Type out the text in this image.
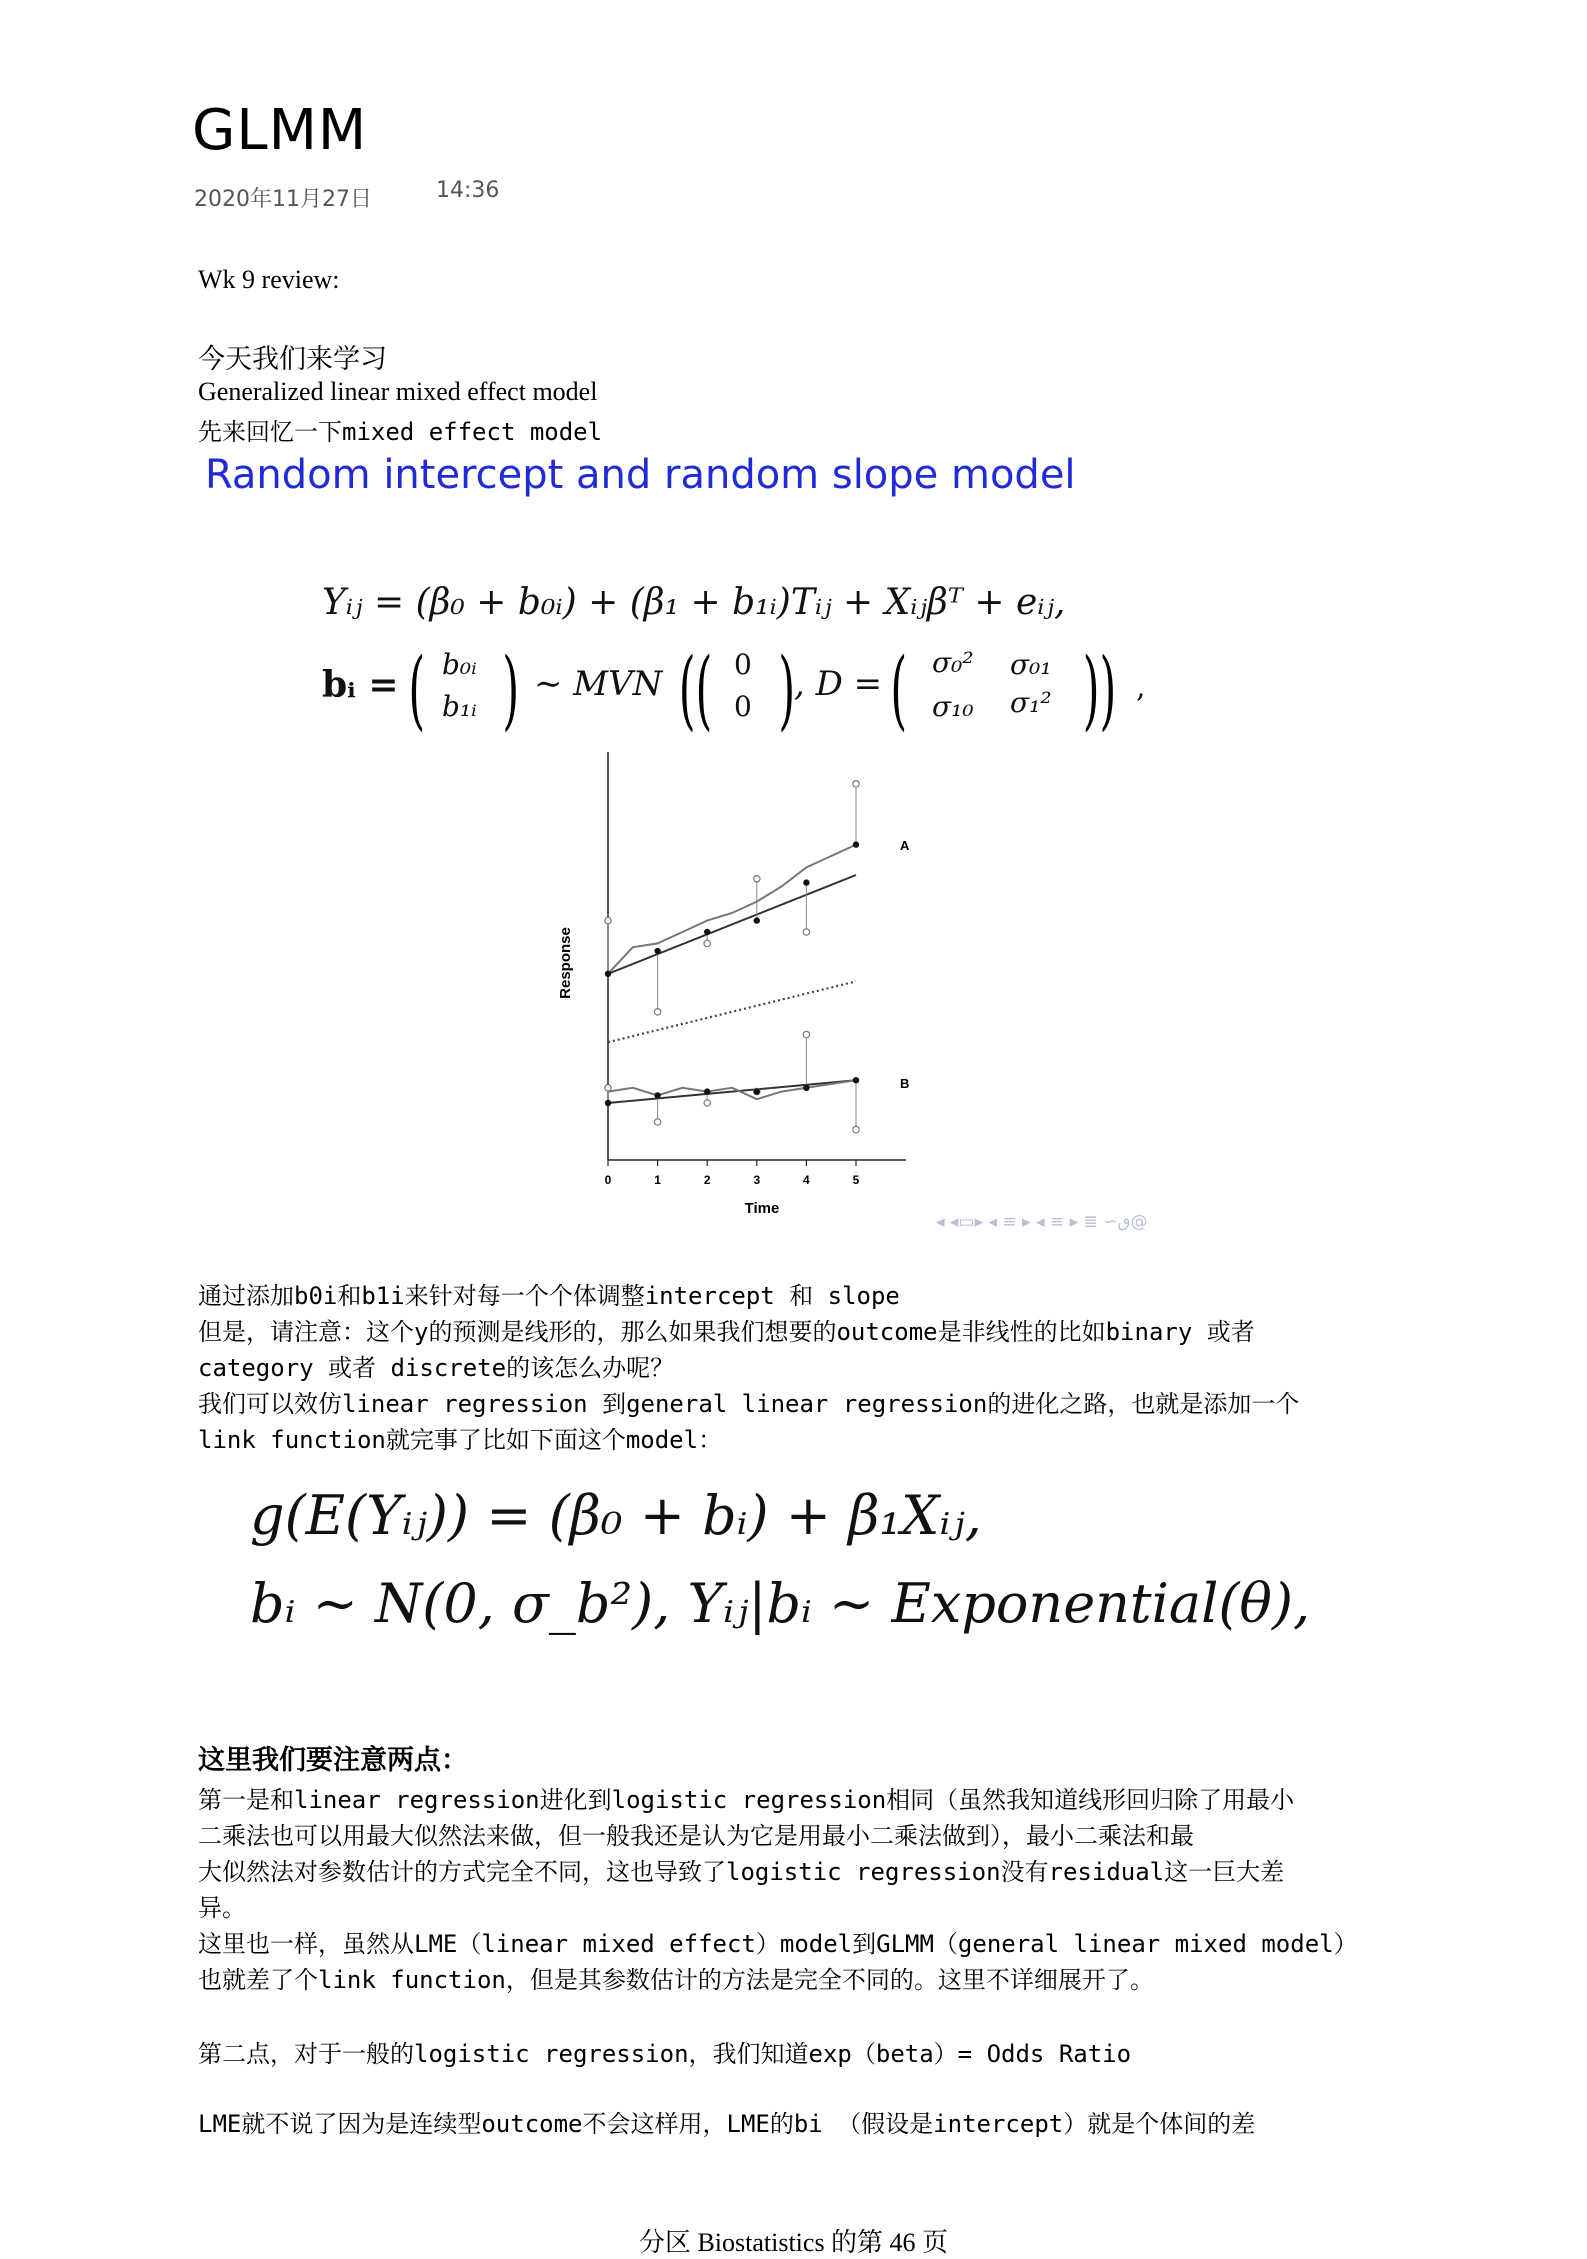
GLMM
2020年11月27日	14:36
Wk 9 review:
今天我们来学习
Generalized linear mixed effect model
先来回忆一下mixed effect model
Random intercept and random slope model
Yᵢⱼ = (β₀ + b₀ᵢ) + (β₁ + b₁ᵢ)Tᵢⱼ + Xᵢⱼβᵀ + eᵢⱼ,
bᵢ = ( b₀ᵢ
b₁ᵢ ) ∼ MVN (( 0
0 )
, D = ( σ₀² σ₀₁
σ₁₀ σ₁² )) ,
0	1	2	3	4	5
Time
Response
A
B
◂ ◂▭▸ ◂ ≡ ▸ ◂ ≡ ▸ ≣ ∽ٯ@
通过添加b0i和b1i来针对每一个个体调整intercept 和 slope
但是，请注意：这个y的预测是线形的，那么如果我们想要的outcome是非线性的比如binary 或者
category 或者 discrete的该怎么办呢？
我们可以效仿linear regression 到general linear regression的进化之路，也就是添加一个
link function就完事了比如下面这个model：
g(E(Yᵢⱼ)) = (β₀ + bᵢ) + β₁Xᵢⱼ,
bᵢ ∼ N(0, σ_b²), Yᵢⱼ|bᵢ ∼ Exponential(θ),
这里我们要注意两点：
第一是和linear regression进化到logistic regression相同（虽然我知道线形回归除了用最小
二乘法也可以用最大似然法来做，但一般我还是认为它是用最小二乘法做到），最小二乘法和最
大似然法对参数估计的方式完全不同，这也导致了logistic regression没有residual这一巨大差
异。
这里也一样，虽然从LME（linear mixed effect）model到GLMM（general linear mixed model）
也就差了个link function，但是其参数估计的方法是完全不同的。这里不详细展开了。
第二点，对于一般的logistic regression，我们知道exp（beta）= Odds Ratio
LME就不说了因为是连续型outcome不会这样用，LME的bi （假设是intercept）就是个体间的差
分区 Biostatistics 的第 46 页
